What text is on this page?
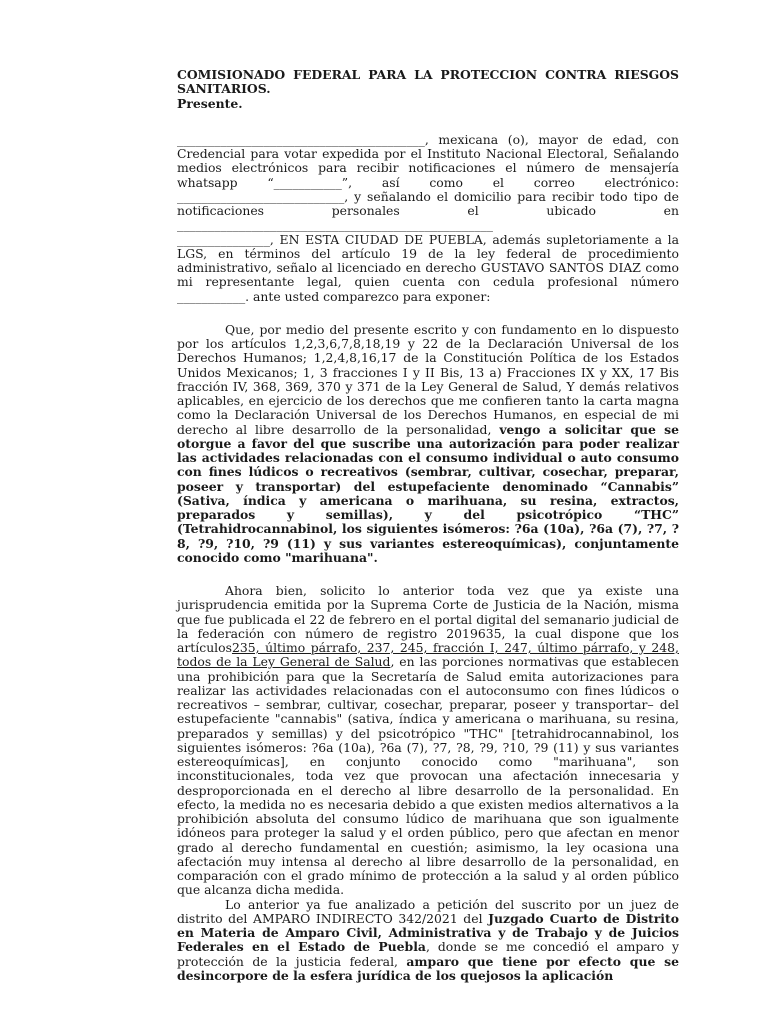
COMISIONADO FEDERAL PARA LA PROTECCION CONTRA RIESGOS SANITARIOS.

Presente.

________________________________________, mexicana (o), mayor de edad, con Credencial para votar expedida por el Instituto Nacional Electoral, Señalando medios electrónicos para recibir notificaciones el número de mensajería whatsapp “___________”, así como el correo electrónico: ___________________________, y señalando el domicilio para recibir todo tipo de notificaciones personales el ubicado en ___________________________________________________

_______________, EN ESTA CIUDAD DE PUEBLA, además supletoriamente a la LGS, en términos del artículo 19 de la ley federal de procedimiento administrativo, señalo al licenciado en derecho GUSTAVO SANTOS DIAZ como mi representante legal, quien cuenta con cedula profesional número ___________. ante usted comparezco para exponer:

Que, por medio del presente escrito y con fundamento en lo dispuesto por los artículos 1,2,3,6,7,8,18,19 y 22 de la Declaración Universal de los Derechos Humanos; 1,2,4,8,16,17 de la Constitución Política de los Estados Unidos Mexicanos; 1, 3 fracciones I y II Bis, 13 a) Fracciones IX y XX, 17 Bis fracción IV, 368, 369, 370 y 371 de la Ley General de Salud, Y demás relativos aplicables, en ejercicio de los derechos que me confieren tanto la carta magna como la Declaración Universal de los Derechos Humanos, en especial de mi derecho al libre desarrollo de la personalidad, vengo a solicitar que se otorgue a favor del que suscribe una autorización para poder realizar las actividades relacionadas con el consumo individual o auto consumo con fines lúdicos o recreativos (sembrar, cultivar, cosechar, preparar, poseer y transportar) del estupefaciente denominado “Cannabis” (Sativa, índica y americana o marihuana, su resina, extractos, preparados y semillas), y del psicotrópico “THC” (Tetrahidrocannabinol, los siguientes isómeros: ?6a (10a), ?6a (7), ?7, ?8, ?9, ?10, ?9 (11) y sus variantes estereoquímicas), conjuntamente conocido como "marihuana".

Ahora bien, solicito lo anterior toda vez que ya existe una jurisprudencia emitida por la Suprema Corte de Justicia de la Nación, misma que fue publicada el 22 de febrero en el portal digital del semanario judicial de la federación con número de registro 2019635, la cual dispone que los artículos235, último párrafo, 237, 245, fracción I, 247, último párrafo, y 248, todos de la Ley General de Salud, en las porciones normativas que establecen una prohibición para que la Secretaría de Salud emita autorizaciones para realizar las actividades relacionadas con el autoconsumo con fines lúdicos o recreativos – sembrar, cultivar, cosechar, preparar, poseer y transportar– del estupefaciente "cannabis" (sativa, índica y americana o marihuana, su resina, preparados y semillas) y del psicotrópico "THC" [tetrahidrocannabinol, los siguientes isómeros: ?6a (10a), ?6a (7), ?7, ?8, ?9, ?10, ?9 (11) y sus variantes estereoquímicas], en conjunto conocido como "marihuana", son inconstitucionales, toda vez que provocan una afectación innecesaria y desproporcionada en el derecho al libre desarrollo de la personalidad. En efecto, la medida no es necesaria debido a que existen medios alternativos a la prohibición absoluta del consumo lúdico de marihuana que son igualmente idóneos para proteger la salud y el orden público, pero que afectan en menor grado al derecho fundamental en cuestión; asimismo, la ley ocasiona una afectación muy intensa al derecho al libre desarrollo de la personalidad, en comparación con el grado mínimo de protección a la salud y al orden público que alcanza dicha medida.

Lo anterior ya fue analizado a petición del suscrito por un juez de distrito del AMPARO INDIRECTO 342/2021 del Juzgado Cuarto de Distrito en Materia de Amparo Civil, Administrativa y de Trabajo y de Juicios Federales en el Estado de Puebla, donde se me concedió el amparo y protección de la justicia federal, amparo que tiene por efecto que se desincorpore de la esfera jurídica de los quejosos la aplicación
